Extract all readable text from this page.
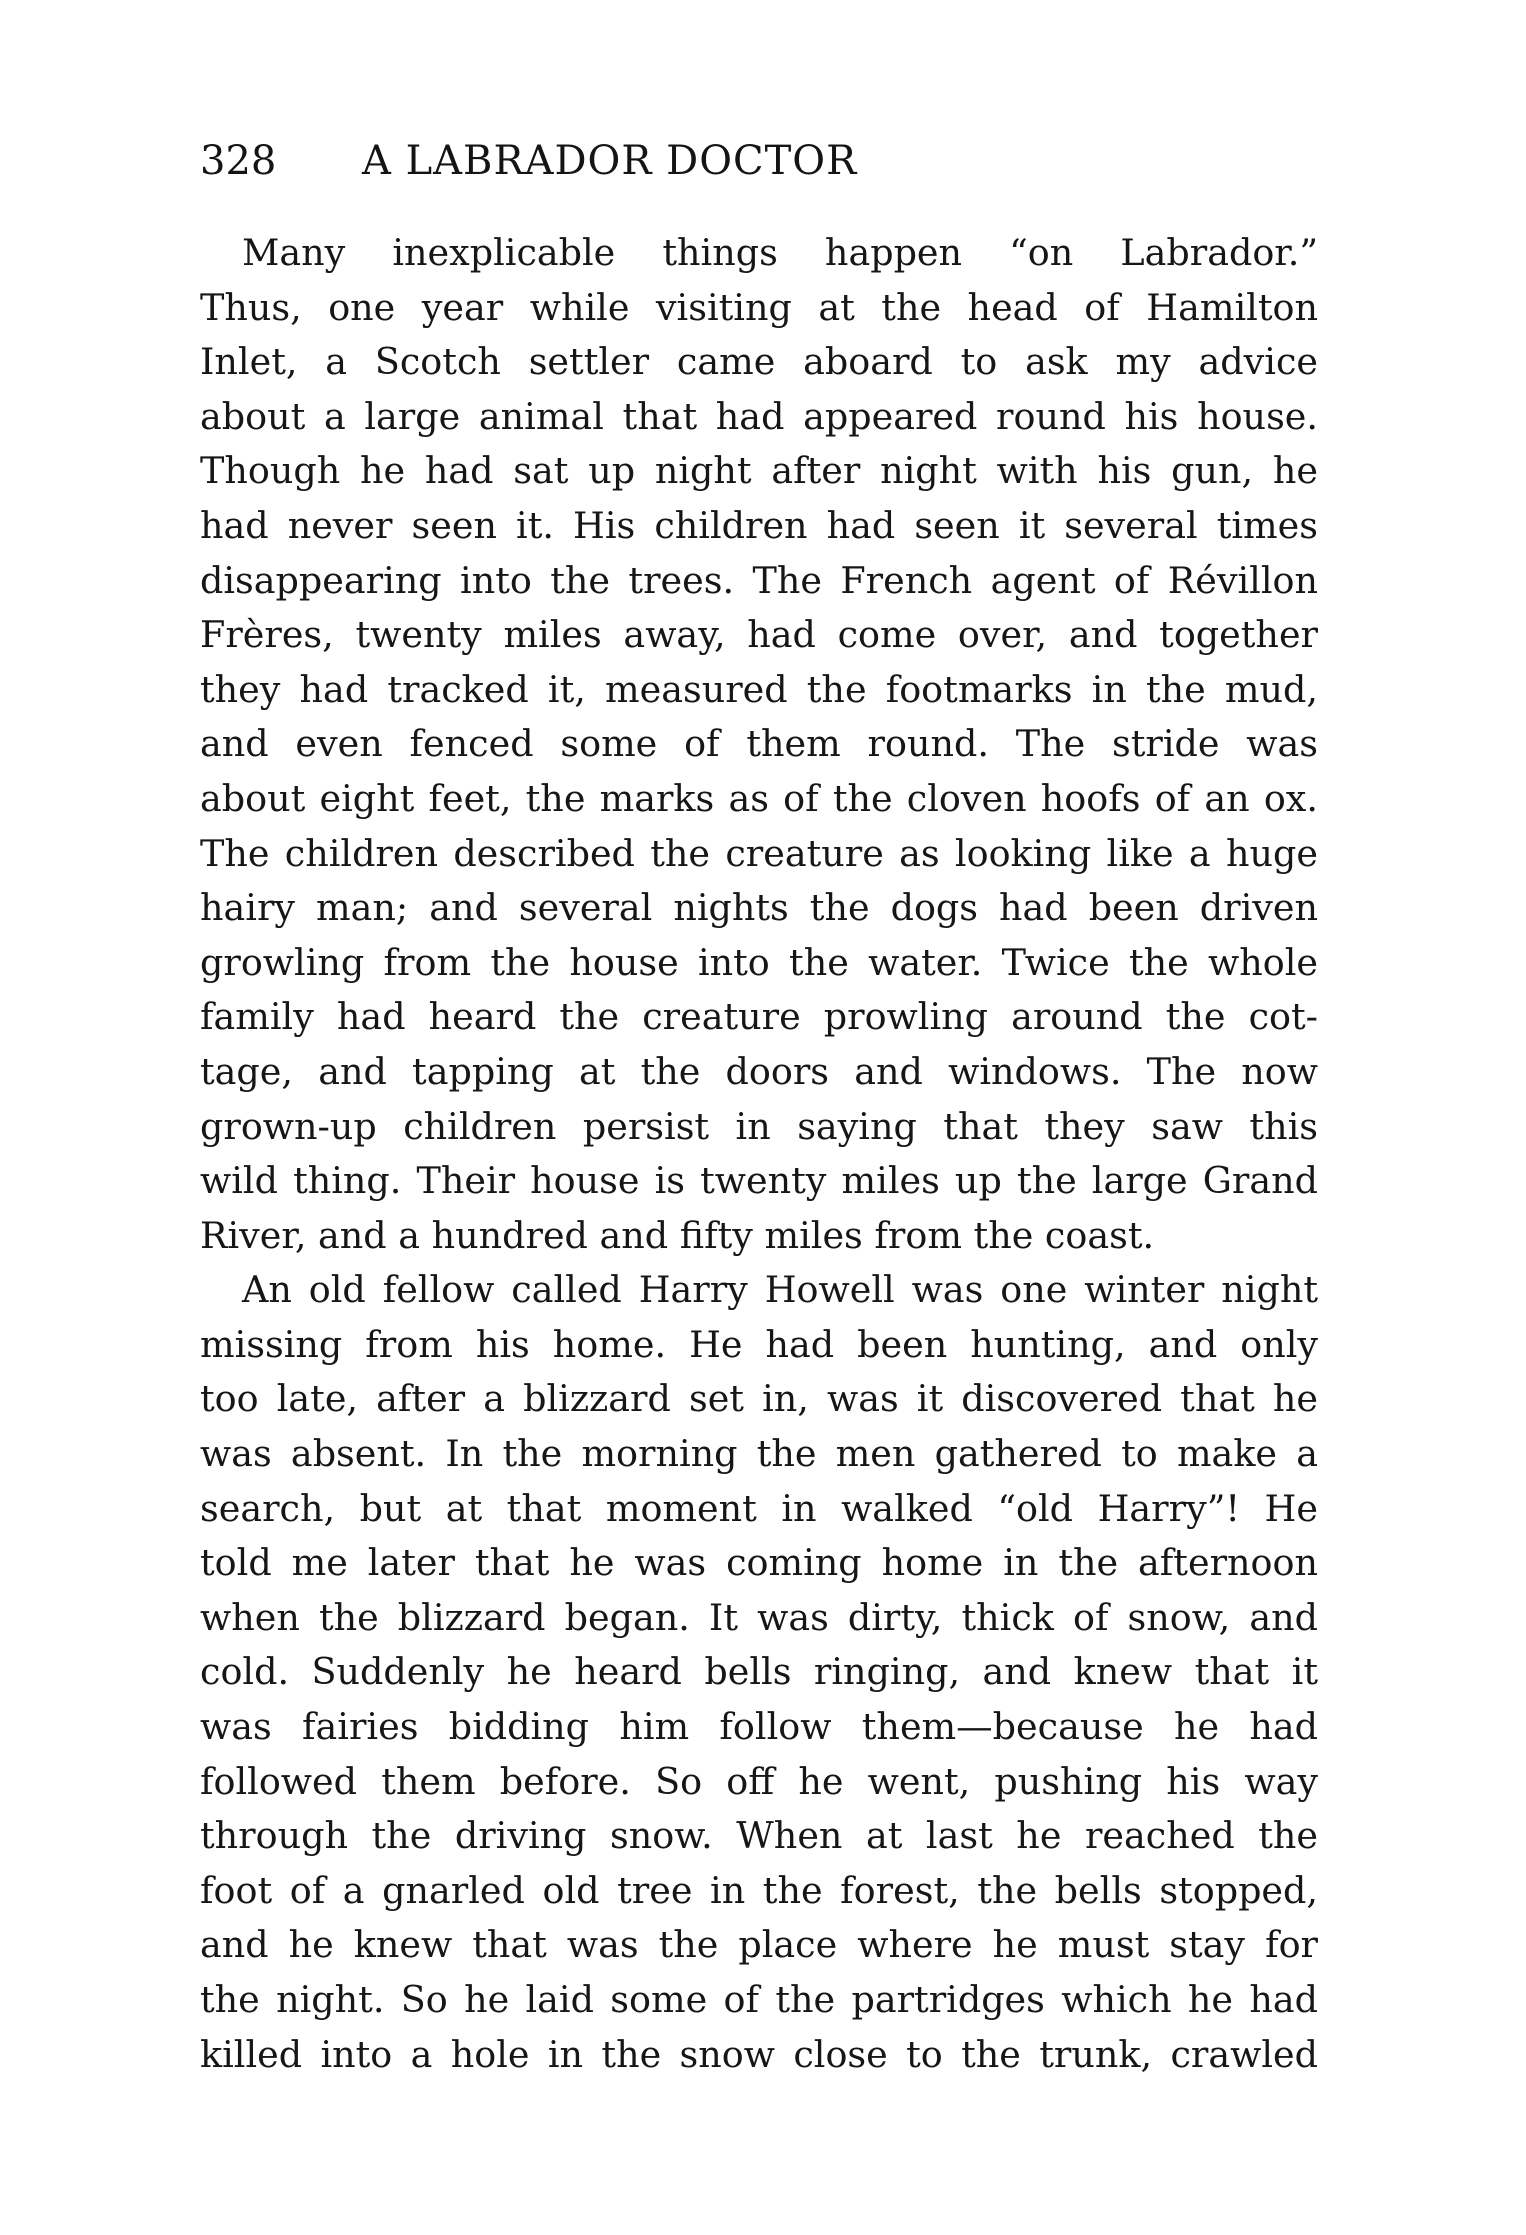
328 A LABRADOR DOCTOR
Many inexplicable things happen “on Labrador.”
Thus, one year while visiting at the head of Hamilton
Inlet, a Scotch settler came aboard to ask my advice
about a large animal that had appeared round his house.
Though he had sat up night after night with his gun, he
had never seen it. His children had seen it several times
disappearing into the trees. The French agent of Révillon
Frères, twenty miles away, had come over, and together
they had tracked it, measured the footmarks in the mud,
and even fenced some of them round. The stride was
about eight feet, the marks as of the cloven hoofs of an ox.
The children described the creature as looking like a huge
hairy man; and several nights the dogs had been driven
growling from the house into the water. Twice the whole
family had heard the creature prowling around the cot-
tage, and tapping at the doors and windows. The now
grown-up children persist in saying that they saw this
wild thing. Their house is twenty miles up the large Grand
River, and a hundred and fifty miles from the coast.
An old fellow called Harry Howell was one winter night
missing from his home. He had been hunting, and only
too late, after a blizzard set in, was it discovered that he
was absent. In the morning the men gathered to make a
search, but at that moment in walked “old Harry”! He
told me later that he was coming home in the afternoon
when the blizzard began. It was dirty, thick of snow, and
cold. Suddenly he heard bells ringing, and knew that it
was fairies bidding him follow them—because he had
followed them before. So off he went, pushing his way
through the driving snow. When at last he reached the
foot of a gnarled old tree in the forest, the bells stopped,
and he knew that was the place where he must stay for
the night. So he laid some of the partridges which he had
killed into a hole in the snow close to the trunk, crawled
